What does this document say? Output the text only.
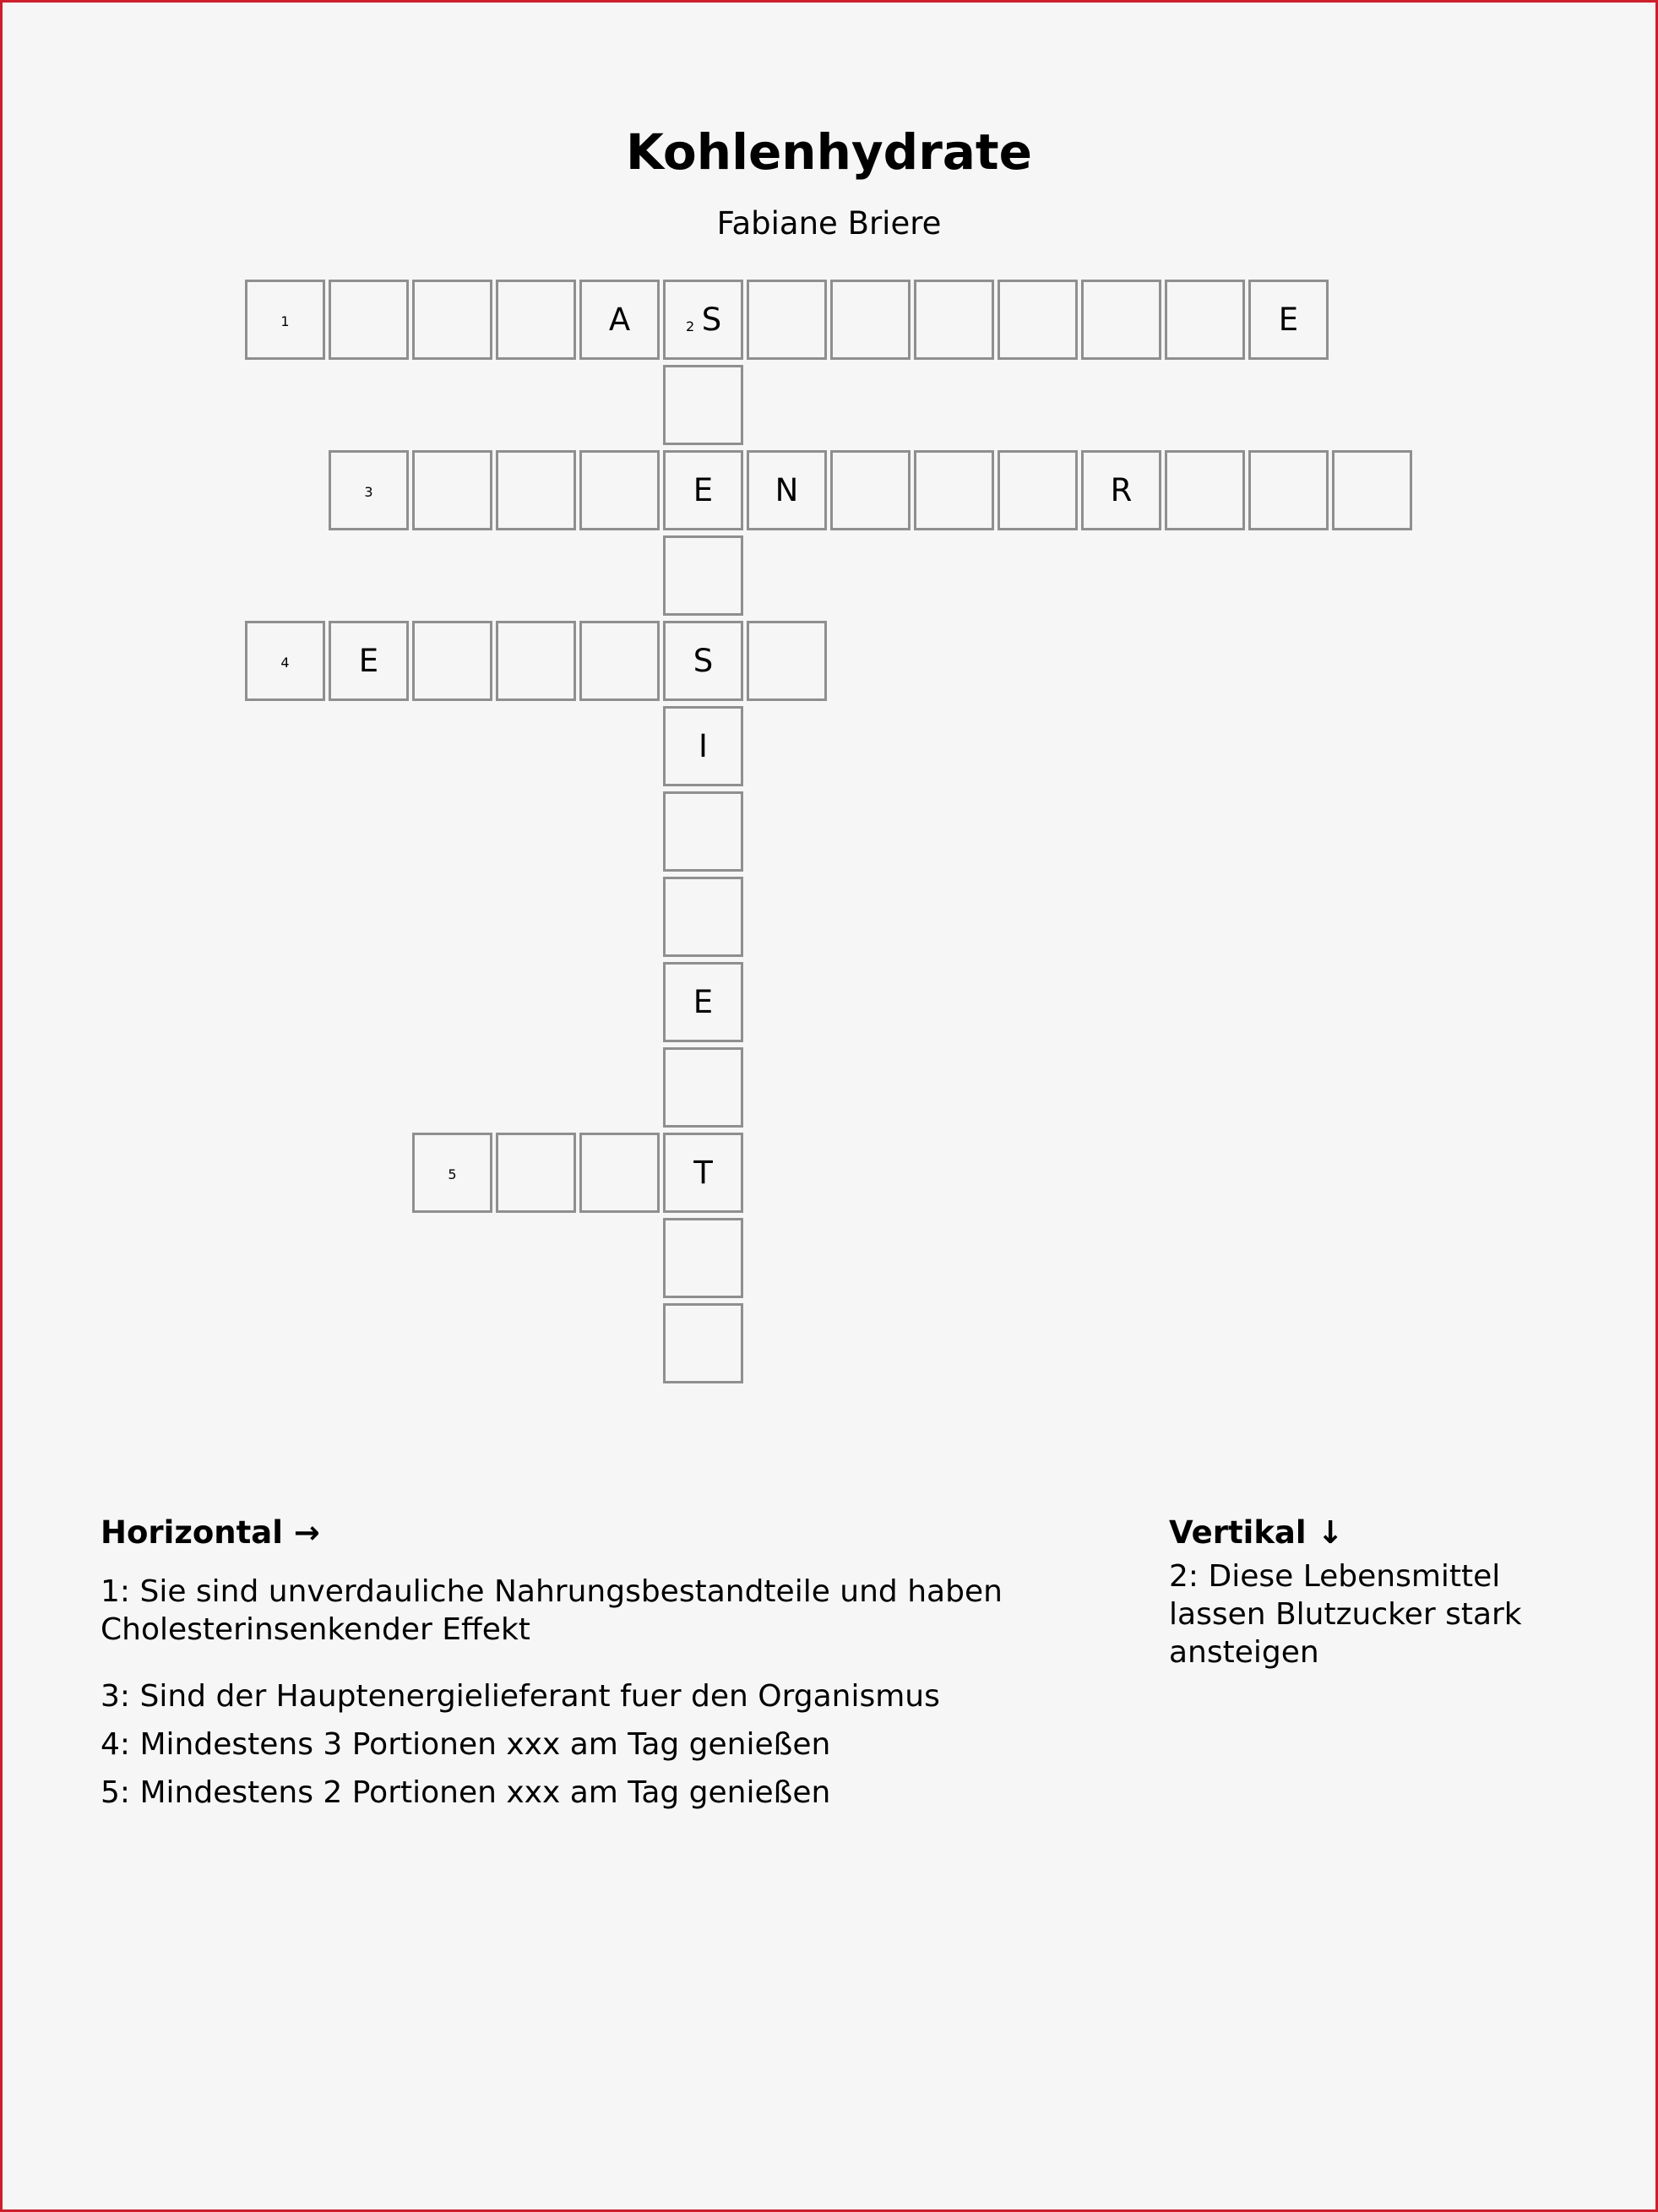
Kohlenhydrate
Fabiane Briere
1	A	2 S	E
3	E	N	R
4	E	S
I
E
5	T
Horizontal →
1: Sie sind unverdauliche Nahrungsbestandteile und haben Cholesterinsenkender Effekt
3: Sind der Hauptenergielieferant fuer den Organismus
4: Mindestens 3 Portionen xxx am Tag genießen
5: Mindestens 2 Portionen xxx am Tag genießen
Vertikal ↓
2: Diese Lebensmittel lassen Blutzucker stark ansteigen
